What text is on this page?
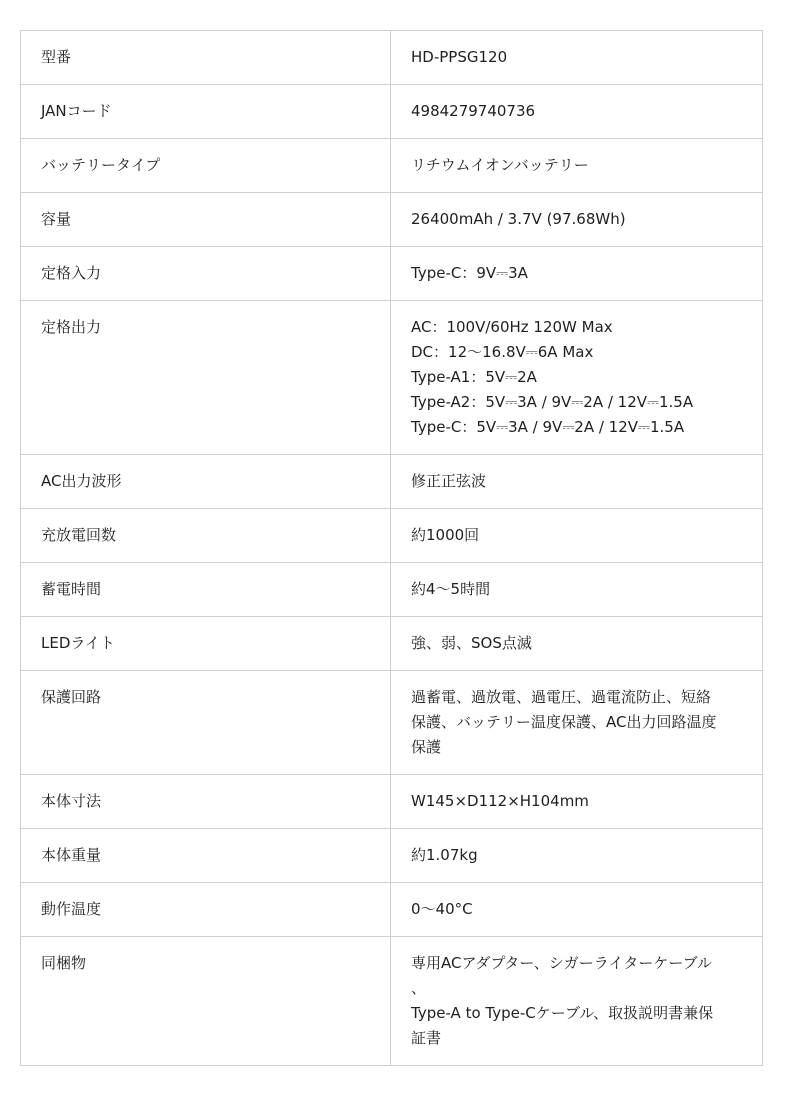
型番	HD-PPSG120

JANコード	4984279740736

バッテリータイプ	リチウムイオンバッテリー

容量	26400mAh / 3.7V (97.68Wh)

定格入力	Type-C：9V⎓3A

定格出力	AC：100V/60Hz 120W Max
DC：12〜16.8V⎓6A Max
Type-A1：5V⎓2A
Type-A2：5V⎓3A / 9V⎓2A / 12V⎓1.5A
Type-C：5V⎓3A / 9V⎓2A / 12V⎓1.5A

AC出力波形	修正正弦波

充放電回数	約1000回

蓄電時間	約4〜5時間

LEDライト	強、弱、SOS点滅

保護回路	過蓄電、過放電、過電圧、過電流防止、短絡
保護、バッテリー温度保護、AC出力回路温度
保護

本体寸法	W145×D112×H104mm

本体重量	約1.07kg

動作温度	0〜40°C

同梱物	専用ACアダプター、シガーライターケーブル
、
Type-A to Type-Cケーブル、取扱説明書兼保
証書
